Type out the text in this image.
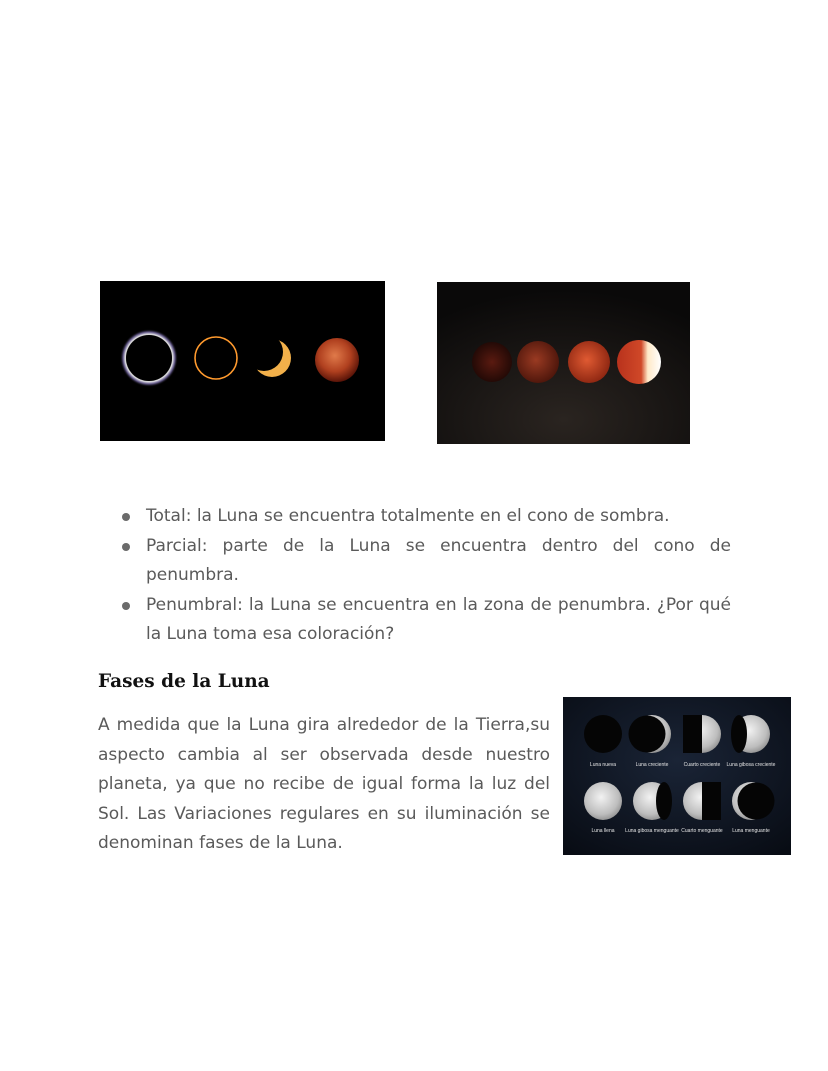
Total: la Luna se encuentra totalmente en el cono de sombra.
Parcial: parte de la Luna se encuentra dentro del cono de penumbra.
Penumbral: la Luna se encuentra en la zona de penumbra. ¿Por qué la Luna toma esa coloración?
Fases de la Luna

A medida que la Luna gira alrededor de la Tierra,su aspecto cambia al ser observada desde nuestro planeta, ya que no recibe de igual forma la luz del Sol. Las Variaciones regulares en su iluminación se denominan fases de la Luna.

Luna nueva	Luna creciente	Cuarto creciente Luna gibosa creciente
Luna llena Luna gibosa menguante Cuarto menguante Luna menguante
